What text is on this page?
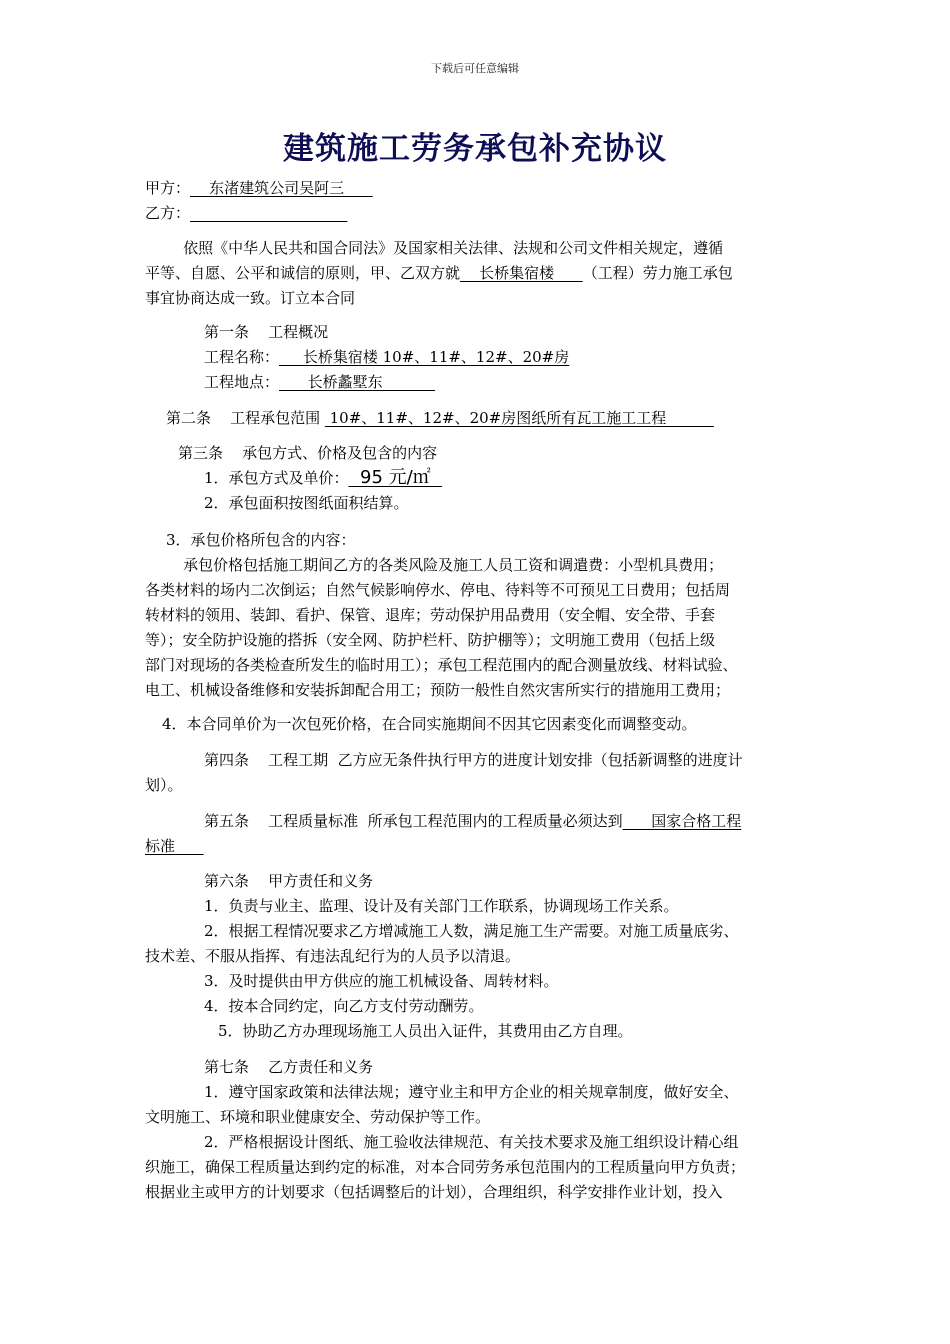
下载后可任意编辑
建筑施工劳务承包补充协议
甲方：    东渚建筑公司吴阿三
乙方：
依照《中华人民共和国合同法》及国家相关法律、法规和公司文件相关规定，遵循
平等、自愿、公平和诚信的原则，甲、乙双方就    长桥集宿楼      （工程）劳力施工承包
事宜协商达成一致。订立本合同
第一条    工程概况
工程名称：     长桥集宿楼 10#、11#、12#、20#房
工程地点：      长桥蠡墅东
第二条    工程承包范围  10#、11#、12#、20#房图纸所有瓦工施工工程
第三条    承包方式、价格及包含的内容
1．承包方式及单价：  95 元/㎡
2．承包面积按图纸面积结算。
3．承包价格所包含的内容：
承包价格包括施工期间乙方的各类风险及施工人员工资和调遣费：小型机具费用；
各类材料的场内二次倒运；自然气候影响停水、停电、待料等不可预见工日费用；包括周
转材料的领用、装卸、看护、保管、退库；劳动保护用品费用（安全帽、安全带、手套
等）；安全防护设施的搭拆（安全网、防护栏杆、防护棚等）；文明施工费用（包括上级
部门对现场的各类检查所发生的临时用工）；承包工程范围内的配合测量放线、材料试验、
电工、机械设备维修和安装拆卸配合用工；预防一般性自然灾害所实行的措施用工费用；
4．本合同单价为一次包死价格，在合同实施期间不因其它因素变化而调整变动。
第四条    工程工期  乙方应无条件执行甲方的进度计划安排（包括新调整的进度计
划）。
第五条    工程质量标准  所承包工程范围内的工程质量必须达到      国家合格工程
标准
第六条    甲方责任和义务
1．负责与业主、监理、设计及有关部门工作联系，协调现场工作关系。
2．根据工程情况要求乙方增减施工人数，满足施工生产需要。对施工质量底劣、
技术差、不服从指挥、有违法乱纪行为的人员予以清退。
3．及时提供由甲方供应的施工机械设备、周转材料。
4．按本合同约定，向乙方支付劳动酬劳。
5．协助乙方办理现场施工人员出入证件，其费用由乙方自理。
第七条    乙方责任和义务
1．遵守国家政策和法律法规；遵守业主和甲方企业的相关规章制度，做好安全、
文明施工、环境和职业健康安全、劳动保护等工作。
2．严格根据设计图纸、施工验收法律规范、有关技术要求及施工组织设计精心组
织施工，确保工程质量达到约定的标准，对本合同劳务承包范围内的工程质量向甲方负责；
根据业主或甲方的计划要求（包括调整后的计划），合理组织，科学安排作业计划，投入
